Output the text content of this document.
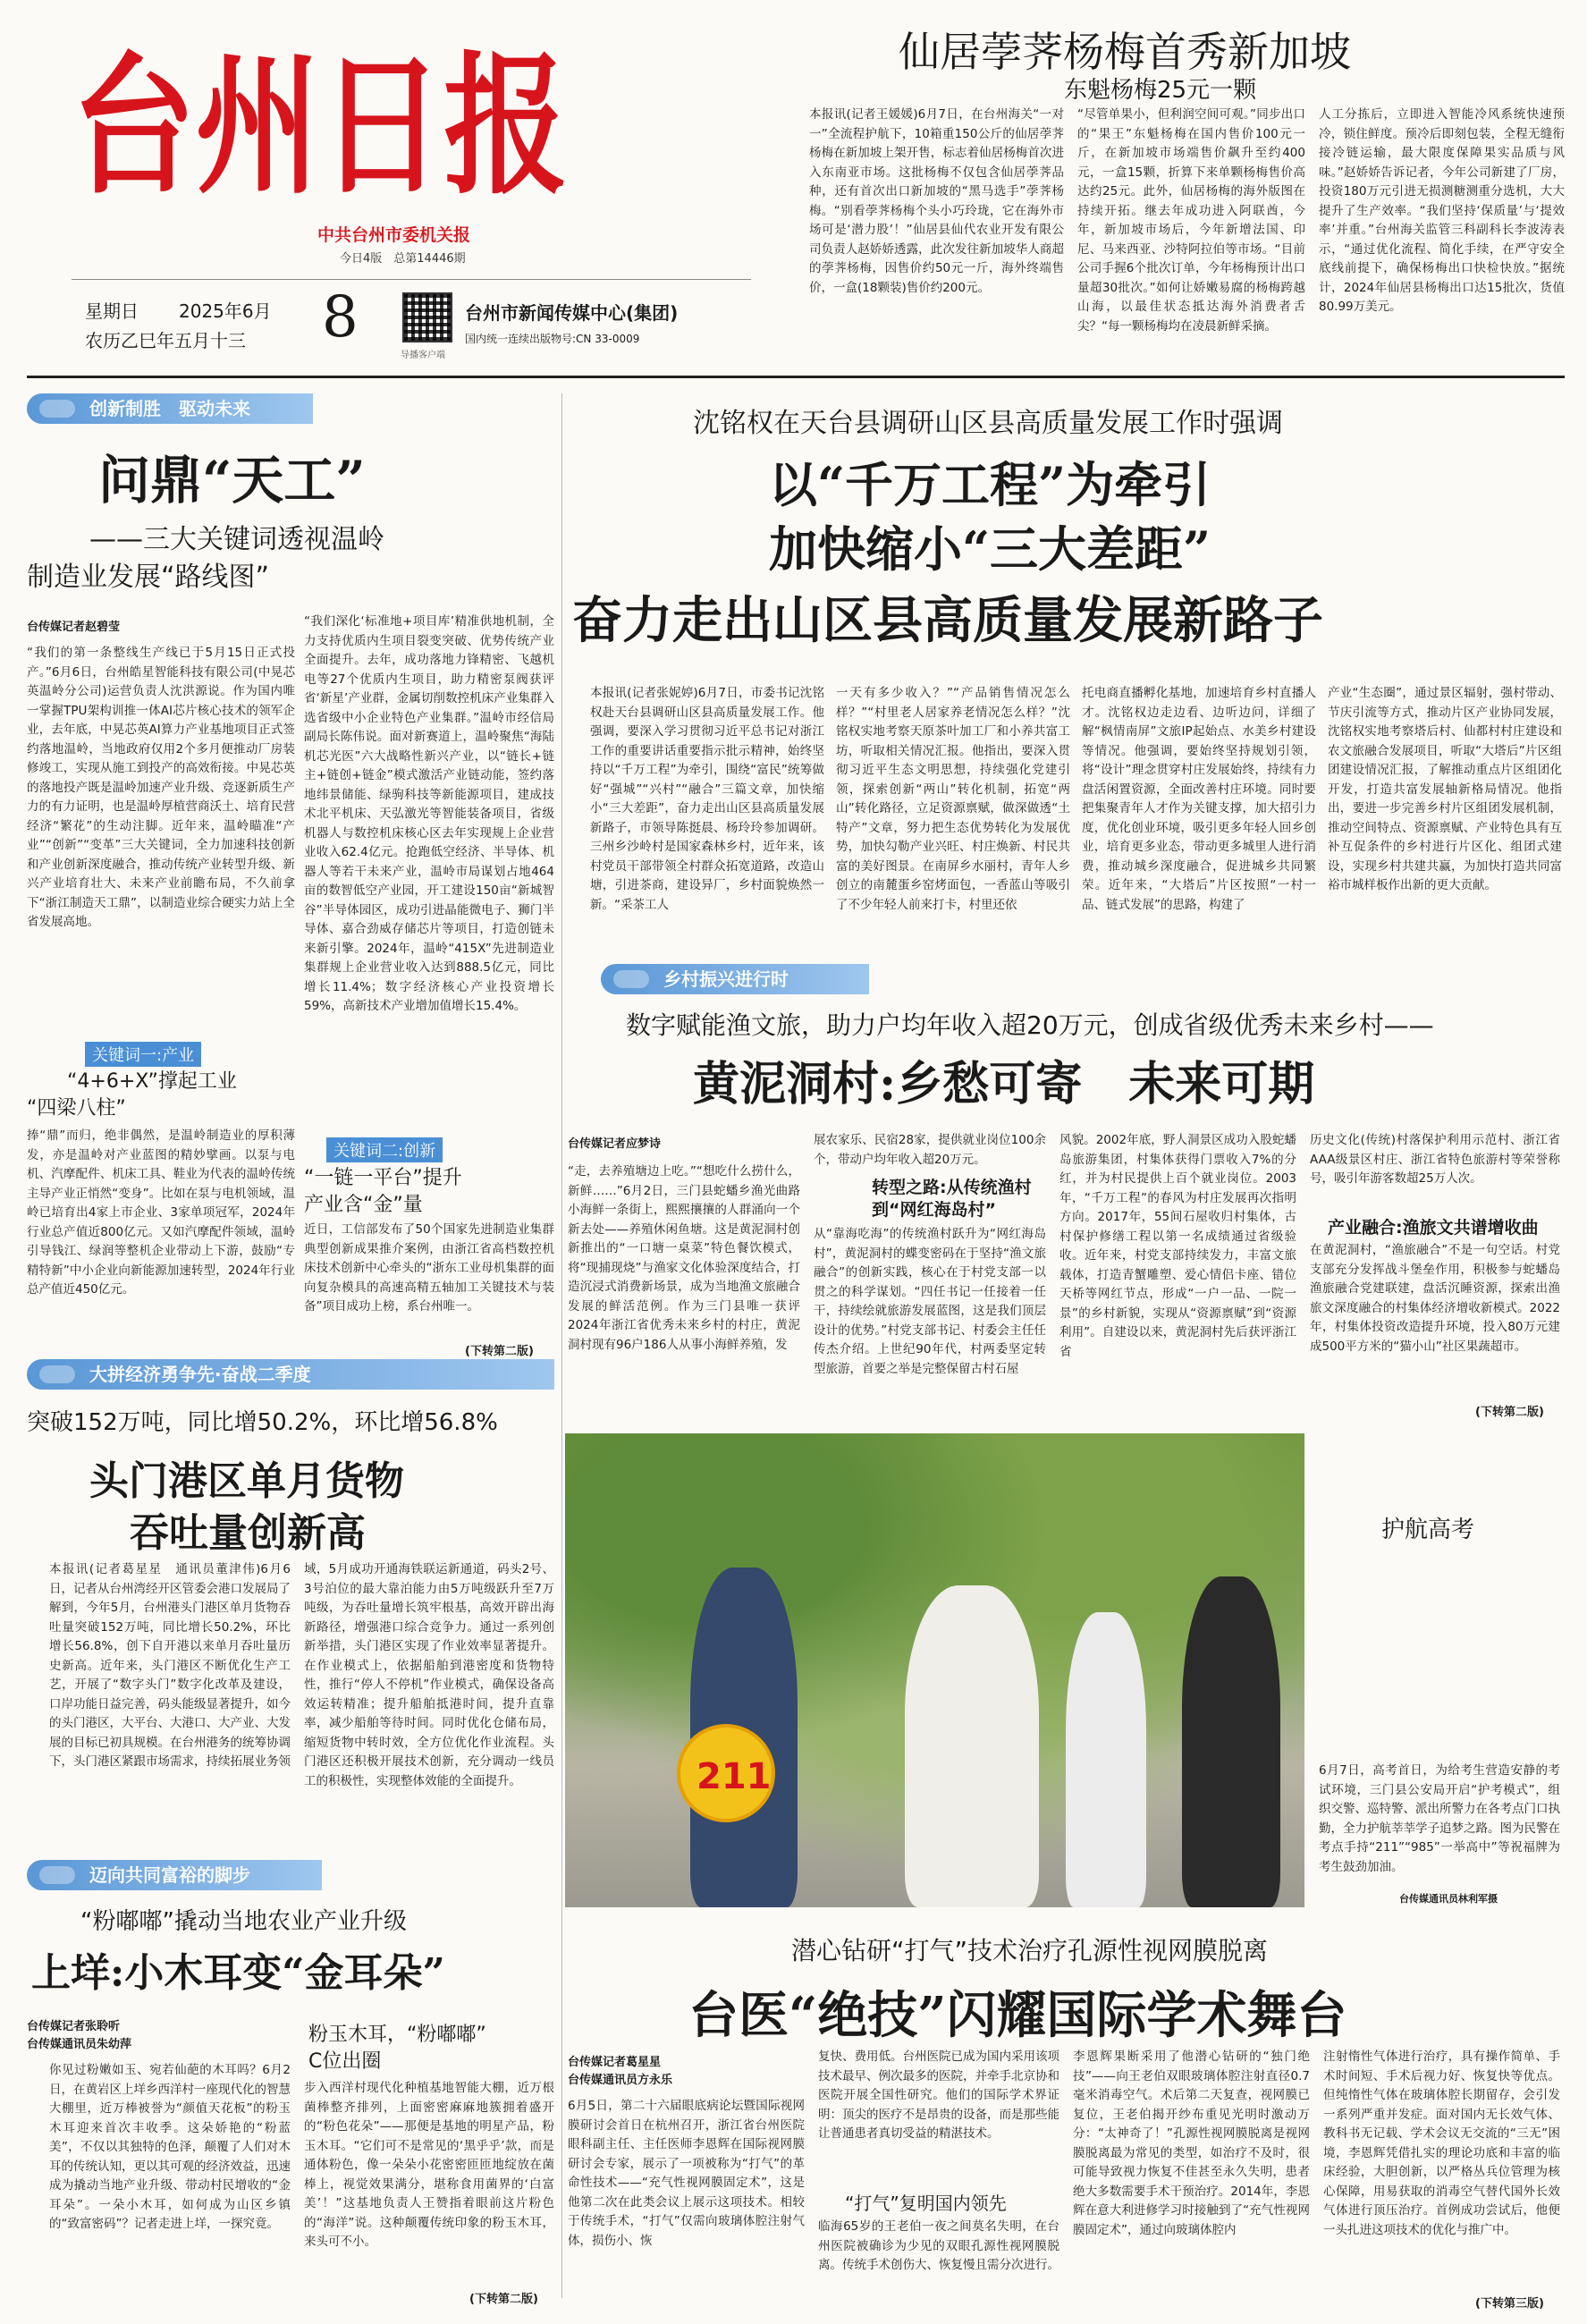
台州日报
中共台州市委机关报
今日4版　总第14446期
星期日 2025年6月
农历乙巳年五月十三 8
导播客户端
台州市新闻传媒中心(集团)
国内统一连续出版物号:CN 33-0009
仙居荸荠杨梅首秀新加坡
东魁杨梅25元一颗
本报讯(记者王媛媛)6月7日，在台州海关“一对一”全流程护航下，10箱重150公斤的仙居荸荠杨梅在新加坡上架开售，标志着仙居杨梅首次进入东南亚市场。这批杨梅不仅包含仙居荸荠品种，还有首次出口新加坡的“黑马选手”荸荠杨梅。“别看荸荠杨梅个头小巧玲珑，它在海外市场可是‘潜力股’！”仙居县仙代农业开发有限公司负责人赵娇娇透露，此次发往新加坡华人商超的荸荠杨梅，因售价约50元一斤，海外终端售价，一盒(18颗装)售价约200元。
“尽管单果小，但利润空间可观。”同步出口的“果王”东魁杨梅在国内售价100元一斤，在新加坡市场端售价飙升至约400元，一盒15颗，折算下来单颗杨梅售价高达约25元。此外，仙居杨梅的海外版图在持续开拓。继去年成功进入阿联酋，今年，新加坡市场后，今年新增法国、印尼、马来西亚、沙特阿拉伯等市场。“目前公司手握6个批次订单，今年杨梅预计出口量超30批次。”如何让娇嫩易腐的杨梅跨越山海，以最佳状态抵达海外消费者舌尖？“每一颗杨梅均在凌晨新鲜采摘。
人工分拣后，立即进入智能冷风系统快速预冷，锁住鲜度。预冷后即刻包装，全程无缝衔接冷链运输，最大限度保障果实品质与风味。”赵娇娇告诉记者，今年公司新建了厂房，投资180万元引进无损测糖测重分选机，大大提升了生产效率。“我们坚持‘保质量’与‘提效率’并重。”台州海关监管三科副科长李波涛表示，“通过优化流程、简化手续，在严守安全底线前提下，确保杨梅出口快检快放。”据统计，2024年仙居县杨梅出口达15批次，货值80.99万美元。
创新制胜　驱动未来
问鼎“天工”
——三大关键词透视温岭
制造业发展“路线图”
台传媒记者赵碧莹
“我们的第一条整线生产线已于5月15日正式投产。”6月6日，台州皓星智能科技有限公司(中晃芯英温岭分公司)运营负责人沈洪源说。作为国内唯一掌握TPU架构训推一体AI芯片核心技术的领军企业，去年底，中晃芯英AI算力产业基地项目正式签约落地温岭，当地政府仅用2个多月便推动厂房装修竣工，实现从施工到投产的高效衔接。中晃芯英的落地投产既是温岭加速产业升级、竞逐新质生产力的有力证明，也是温岭厚植营商沃土、培育民营经济“繁花”的生动注脚。近年来，温岭瞄准“产业”“创新”“变革”三大关键词，全力加速科技创新和产业创新深度融合，推动传统产业转型升级、新兴产业培育壮大、未来产业前瞻布局，不久前拿下“浙江制造天工鼎”，以制造业综合硬实力站上全省发展高地。
关键词一:产业
“4+6+X”撑起工业
“四梁八柱”
捧“鼎”而归，绝非偶然，是温岭制造业的厚积薄发，亦是温岭对产业蓝图的精妙擘画。以泵与电机、汽摩配件、机床工具、鞋业为代表的温岭传统主导产业正悄然“变身”。比如在泵与电机领域，温岭已培育出4家上市企业、3家单项冠军，2024年行业总产值近800亿元。又如汽摩配件领域，温岭引导钱江、绿润等整机企业带动上下游，鼓励“专精特新”中小企业向新能源加速转型，2024年行业总产值近450亿元。
“我们深化‘标准地+项目库’精准供地机制，全力支持优质内生项目裂变突破、优势传统产业全面提升。去年，成功落地力锋精密、飞越机电等27个优质内生项目，助力精密泵阀获评省‘新星’产业群，金属切削数控机床产业集群入选省级中小企业特色产业集群。”温岭市经信局副局长陈伟说。面对新赛道上，温岭聚焦“海陆机芯光医”六大战略性新兴产业，以“链长+链主+链创+链金”模式激活产业链动能，签约落地纬景储能、绿驹科技等新能源项目，建成技术北平机床、天弘激光等智能装备项目，省级机器人与数控机床核心区去年实现规上企业营业收入62.4亿元。抢跑低空经济、半导体、机器人等若干未来产业，温岭市局谋划占地464亩的数智低空产业园，开工建设150亩“新城智谷”半导体园区，成功引进晶能微电子、狮门半导体、嘉合劲威存储芯片等项目，打造创链未来新引擎。2024年，温岭“415X”先进制造业集群规上企业营业收入达到888.5亿元，同比增长11.4%；数字经济核心产业投资增长59%，高新技术产业增加值增长15.4%。
关键词二:创新
“一链一平台”提升
产业含“金”量
近日，工信部发布了50个国家先进制造业集群典型创新成果推介案例，由浙江省高档数控机床技术创新中心牵头的“浙东工业母机集群的面向复杂模具的高速高精五轴加工关键技术与装备”项目成功上榜，系台州唯一。
(下转第二版)
沈铭权在天台县调研山区县高质量发展工作时强调
以“千万工程”为牵引
加快缩小“三大差距”
奋力走出山区县高质量发展新路子
本报讯(记者张妮婷)6月7日，市委书记沈铭权赴天台县调研山区县高质量发展工作。他强调，要深入学习贯彻习近平总书记对浙江工作的重要讲话重要指示批示精神，始终坚持以“千万工程”为牵引，围绕“富民”统筹做好“强城”“兴村”“融合”三篇文章，加快缩小“三大差距”，奋力走出山区县高质量发展新路子，市领导陈挺晨、杨玲玲参加调研。三州乡沙岭村是国家森林乡村，近年来，该村党员干部带领全村群众拓宽道路，改造山塘，引进茶商，建设异厂，乡村面貌焕然一新。“采茶工人
一天有多少收入？”“产品销售情况怎么样？”“村里老人居家养老情况怎么样？”沈铭权实地考察天原茶叶加工厂和小养共富工坊，听取相关情况汇报。他指出，要深入贯彻习近平生态文明思想，持续强化党建引领，探索创新“两山”转化机制，拓宽“两山”转化路径，立足资源禀赋，做深做透“土特产”文章，努力把生态优势转化为发展优势，加快勾勒产业兴旺、村庄焕新、村民共富的美好图景。在南屏乡水丽村，青年人乡创立的南麓蛋乡窑烤面包，一香蓝山等吸引了不少年轻人前来打卡，村里还依
托电商直播孵化基地，加速培育乡村直播人才。沈铭权边走边看、边听边问，详细了解“枫情南屏”文旅IP起始点、水美乡村建设等情况。他强调，要始终坚持规划引领，将“设计”理念贯穿村庄发展始终，持续有力盘活闲置资源，全面改善村庄环境。同时要把集聚青年人才作为关键支撑，加大招引力度，优化创业环境，吸引更多年轻人回乡创业，培育更多业态，带动更多城里人进行消费，推动城乡深度融合，促进城乡共同繁荣。近年来，“大塔后”片区按照“一村一品、链式发展”的思路，构建了
产业“生态圈”，通过景区辐射，强村带动、节庆引流等方式，推动片区产业协同发展，沈铭权实地考察塔后村、仙都村村庄建设和农文旅融合发展项目，听取“大塔后”片区组团建设情况汇报，了解推动重点片区组团化开发，打造共富发展轴新格局情况。他指出，要进一步完善乡村片区组团发展机制，推动空间特点、资源禀赋、产业特色具有互补互促条件的乡村进行片区化、组团式建设，实现乡村共建共赢，为加快打造共同富裕市城样板作出新的更大贡献。
乡村振兴进行时
数字赋能渔文旅，助力户均年收入超20万元，创成省级优秀未来乡村——
黄泥洞村:乡愁可寄　未来可期
台传媒记者应梦诗
“走，去养殖塘边上吃。”“想吃什么捞什么，新鲜……”6月2日，三门县蛇蟠乡渔光曲路小海鲜一条街上，熙熙攘攘的人群涌向一个新去处——养殖休闲鱼塘。这是黄泥洞村创新推出的“一口塘一桌菜”特色餐饮模式，将“现捕现烧”与渔家文化体验深度结合，打造沉浸式消费新场景，成为当地渔文旅融合发展的鲜活范例。作为三门县唯一获评2024年浙江省优秀未来乡村的村庄，黄泥洞村现有96户186人从事小海鲜养殖，发
展农家乐、民宿28家，提供就业岗位100余个，带动户均年收入超20万元。
转型之路:从传统渔村
到“网红海岛村”
从“靠海吃海”的传统渔村跃升为“网红海岛村”，黄泥洞村的蝶变密码在于坚持“渔文旅融合”的创新实践，核心在于村党支部一以贯之的科学谋划。“四任书记一任接着一任干，持续绘就旅游发展蓝图，这是我们顶层设计的优势。”村党支部书记、村委会主任任传杰介绍。上世纪90年代，村两委坚定转型旅游，首要之举是完整保留古村石屋
风貌。2002年底，野人洞景区成功入股蛇蟠岛旅游集团，村集体获得门票收入7%的分红，并为村民提供上百个就业岗位。2003年，“千万工程”的春风为村庄发展再次指明方向。2017年，55间石屋收归村集体，古村保护修缮工程以第一名成绩通过省级验收。近年来，村党支部持续发力，丰富文旅载体，打造青蟹雕塑、爱心情侣卡座、错位天桥等网红节点，形成“一户一品、一院一景”的乡村新貌，实现从“资源禀赋”到“资源利用”。自建设以来，黄泥洞村先后获评浙江省
历史文化(传统)村落保护利用示范村、浙江省AAA级景区村庄、浙江省特色旅游村等荣誉称号，吸引年游客数超25万人次。
产业融合:渔旅文共谱增收曲
在黄泥洞村，“渔旅融合”不是一句空话。村党支部充分发挥战斗堡垒作用，积极参与蛇蟠岛渔旅融合党建联建，盘活沉睡资源，探索出渔旅文深度融合的村集体经济增收新模式。2022年，村集体投资改造提升环境，投入80万元建成500平方米的“猫小山”社区果蔬超市。
(下转第二版)
大拼经济勇争先·奋战二季度
突破152万吨，同比增50.2%，环比增56.8%
头门港区单月货物
吞吐量创新高
本报讯(记者葛星星　通讯员董津伟)6月6日，记者从台州湾经开区管委会港口发展局了解到，今年5月，台州港头门港区单月货物吞吐量突破152万吨，同比增长50.2%，环比增长56.8%，创下自开港以来单月吞吐量历史新高。近年来，头门港区不断优化生产工艺，开展了“数字头门”数字化改革及建设，口岸功能日益完善，码头能级显著提升，如今的头门港区，大平台、大港口、大产业、大发展的目标已初具规模。在台州港务的统筹协调下，头门港区紧跟市场需求，持续拓展业务领
域，5月成功开通海铁联运新通道，码头2号、3号泊位的最大靠泊能力由5万吨级跃升至7万吨级，为吞吐量增长筑牢根基，高效开辟出海新路径，增强港口综合竞争力。通过一系列创新举措，头门港区实现了作业效率显著提升。在作业模式上，依据船舶到港密度和货物特性，推行“停人不停机”作业模式，确保设备高效运转精准；提升船舶抵港时间，提升直靠率，减少船舶等待时间。同时优化仓储布局，缩短货物中转时效，全方位优化作业流程。头门港区还积极开展技术创新，充分调动一线员工的积极性，实现整体效能的全面提升。
迈向共同富裕的脚步
“粉嘟嘟”撬动当地农业产业升级
上垟:小木耳变“金耳朵”
台传媒记者张聆听
台传媒通讯员朱幼萍
你见过粉嫩如玉、宛若仙葩的木耳吗？6月2日，在黄岩区上垟乡西洋村一座现代化的智慧大棚里，近万棒被誉为“颜值天花板”的粉玉木耳迎来首次丰收季。这朵娇艳的“粉蓝美”，不仅以其独特的色泽，颠覆了人们对木耳的传统认知，更以其可观的经济效益，迅速成为撬动当地产业升级、带动村民增收的“金耳朵”。一朵小木耳，如何成为山区乡镇的“致富密码”？记者走进上垟，一探究竟。
粉玉木耳，“粉嘟嘟”
C位出圈
步入西洋村现代化种植基地智能大棚，近万根菌棒整齐排列，上面密密麻麻地簇拥着盛开的“粉色花朵”——那便是基地的明星产品，粉玉木耳。“它们可不是常见的‘黑乎乎’款，而是通体粉色，像一朵朵小花密密匝匝地绽放在菌棒上，视觉效果满分，堪称食用菌界的‘白富美’！”这基地负责人王赞指着眼前这片粉色的“海洋”说。这种颠覆传统印象的粉玉木耳，来头可不小。
(下转第二版)
211
护航高考
6月7日，高考首日，为给考生营造安静的考试环境，三门县公安局开启“护考模式”，组织交警、巡特警、派出所警力在各考点门口执勤，全力护航莘莘学子追梦之路。图为民警在考点手持“211”“985”一举高中”等祝福牌为考生鼓劲加油。
台传媒通讯员林利军摄
潜心钻研“打气”技术治疗孔源性视网膜脱离
台医“绝技”闪耀国际学术舞台
台传媒记者葛星星
台传媒通讯员方永乐
6月5日，第二十六届眼底病论坛暨国际视网膜研讨会首日在杭州召开，浙江省台州医院眼科副主任、主任医师李恩辉在国际视网膜研讨会专家，展示了一项被称为“打气”的革命性技术——“充气性视网膜固定术”，这是他第二次在此类会议上展示这项技术。相较于传统手术，“打气”仅需向玻璃体腔注射气体，损伤小、恢
复快、费用低。台州医院已成为国内采用该项技术最早、例次最多的医院，并牵手北京协和医院开展全国性研究。他们的国际学术界证明：顶尖的医疗不是昂贵的设备，而是那些能让普通患者真切受益的精湛技术。
“打气”复明国内领先
临海65岁的王老伯一夜之间莫名失明，在台州医院被确诊为少见的双眼孔源性视网膜脱离。传统手术创伤大、恢复慢且需分次进行。
李恩辉果断采用了他潜心钻研的“独门绝技”——向王老伯双眼玻璃体腔注射直径0.7毫米消毒空气。术后第二天复查，视网膜已复位，王老伯揭开纱布重见光明时激动万分：“太神奇了！”孔源性视网膜脱离是视网膜脱离最为常见的类型，如治疗不及时，很可能导致视力恢复不佳甚至永久失明，患者绝大多数需要手术干预治疗。2014年，李恩辉在意大利进修学习时接触到了“充气性视网膜固定术”，通过向玻璃体腔内
注射惰性气体进行治疗，具有操作简单、手术时间短、手术后视力好、恢复快等优点。但纯惰性气体在玻璃体腔长期留存，会引发一系列严重并发症。面对国内无长效气体、教科书无记载、学术会议无交流的“三无”困境，李恩辉凭借扎实的理论功底和丰富的临床经验，大胆创新，以严格丛兵位管理为核心保障，用易获取的消毒空气替代国外长效气体进行顶压治疗。首例成功尝试后，他便一头扎进这项技术的优化与推广中。
(下转第三版)
